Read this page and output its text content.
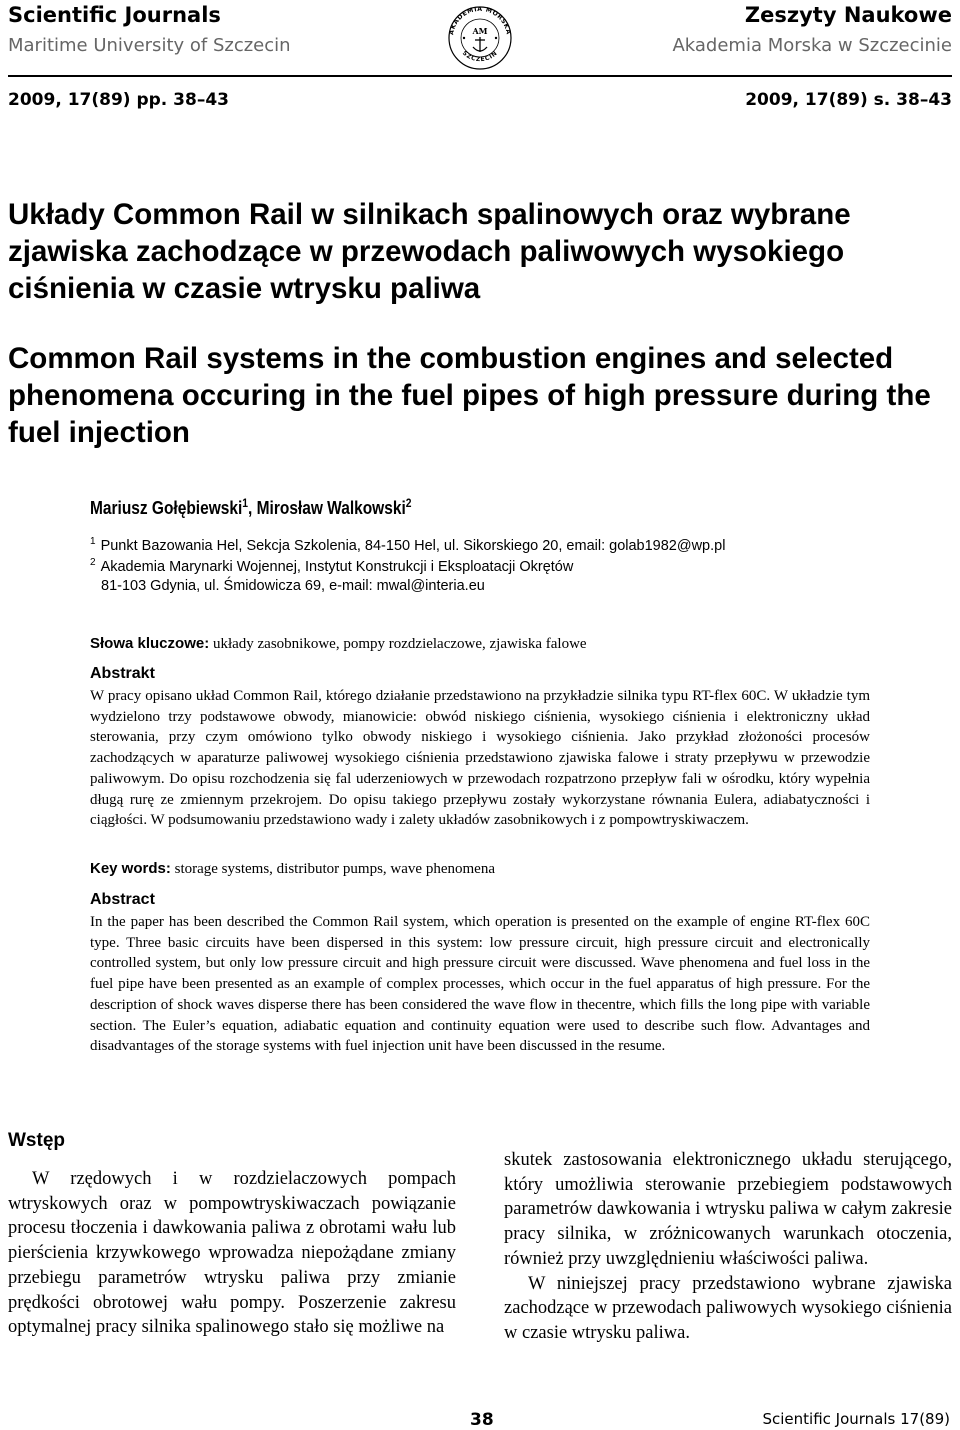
Scientific Journals
Maritime University of Szczecin
Zeszyty Naukowe
Akademia Morska w Szczecinie
AKADEMIA MORSKA
SZCZECIN
AM
2009, 17(89) pp. 38–43	2009, 17(89) s. 38–43
Układy Common Rail w silnikach spalinowych oraz wybrane zjawiska zachodzące w przewodach paliwowych wysokiego ciśnienia w czasie wtrysku paliwa
Common Rail systems in the combustion engines and selected phenomena occuring in the fuel pipes of high pressure during the fuel injection
Mariusz Gołębiewski$^1$, Mirosław Walkowski$^2$
$^1$ Punkt Bazowania Hel, Sekcja Szkolenia, 84-150 Hel, ul. Sikorskiego 20, email: golab1982@wp.pl
$^2$ Akademia Marynarki Wojennej, Instytut Konstrukcji i Eksploatacji Okrętów
81-103 Gdynia, ul. Śmidowicza 69, e-mail: mwal@interia.eu
Słowa kluczowe: układy zasobnikowe, pompy rozdzielaczowe, zjawiska falowe
Abstrakt
W pracy opisano układ Common Rail, którego działanie przedstawiono na przykładzie silnika typu RT-flex 60C. W układzie tym wydzielono trzy podstawowe obwody, mianowicie: obwód niskiego ciśnienia, wysokiego ciśnienia i elektroniczny układ sterowania, przy czym omówiono tylko obwody niskiego i wysokiego ciśnienia. Jako przykład złożoności procesów zachodzących w aparaturze paliwowej wysokiego ciśnienia przedstawiono zjawiska falowe i straty przepływu w przewodzie paliwowym. Do opisu rozchodzenia się fal uderzeniowych w przewodach rozpatrzono przepływ fali w ośrodku, który wypełnia długą rurę ze zmiennym przekrojem. Do opisu takiego przepływu zostały wykorzystane równania Eulera, adiabatyczności i ciągłości. W podsumowaniu przedstawiono wady i zalety układów zasobnikowych i z pompowtryskiwaczem.
Key words: storage systems, distributor pumps, wave phenomena
Abstract
In the paper has been described the Common Rail system, which operation is presented on the example of engine RT-flex 60C type. Three basic circuits have been dispersed in this system: low pressure circuit, high pressure circuit and electronically controlled system, but only low pressure circuit and high pressure circuit were discussed. Wave phenomena and fuel loss in the fuel pipe have been presented as an example of complex processes, which occur in the fuel apparatus of high pressure. For the description of shock waves disperse there has been considered the wave flow in thecentre, which fills the long pipe with variable section. The Euler’s equation, adiabatic equation and continuity equation were used to describe such flow. Advantages and disadvantages of the storage systems with fuel injection unit have been discussed in the resume.
Wstęp

W rzędowych i w rozdzielaczowych pompach wtryskowych oraz w pompowtryskiwaczach powiązanie procesu tłoczenia i dawkowania paliwa z obrotami wału lub pierścienia krzywkowego wprowadza niepożądane zmiany przebiegu parametrów wtrysku paliwa przy zmianie prędkości obrotowej wału pompy. Poszerzenie zakresu optymalnej pracy silnika spalinowego stało się możliwe na

skutek zastosowania elektronicznego układu sterującego, który umożliwia sterowanie przebiegiem podstawowych parametrów dawkowania i wtrysku paliwa w całym zakresie pracy silnika, w zróżnicowanych warunkach otoczenia, również przy uwzględnieniu właściwości paliwa.

W niniejszej pracy przedstawiono wybrane zjawiska zachodzące w przewodach paliwowych wysokiego ciśnienia w czasie wtrysku paliwa.

38	Scientific Journals 17(89)
